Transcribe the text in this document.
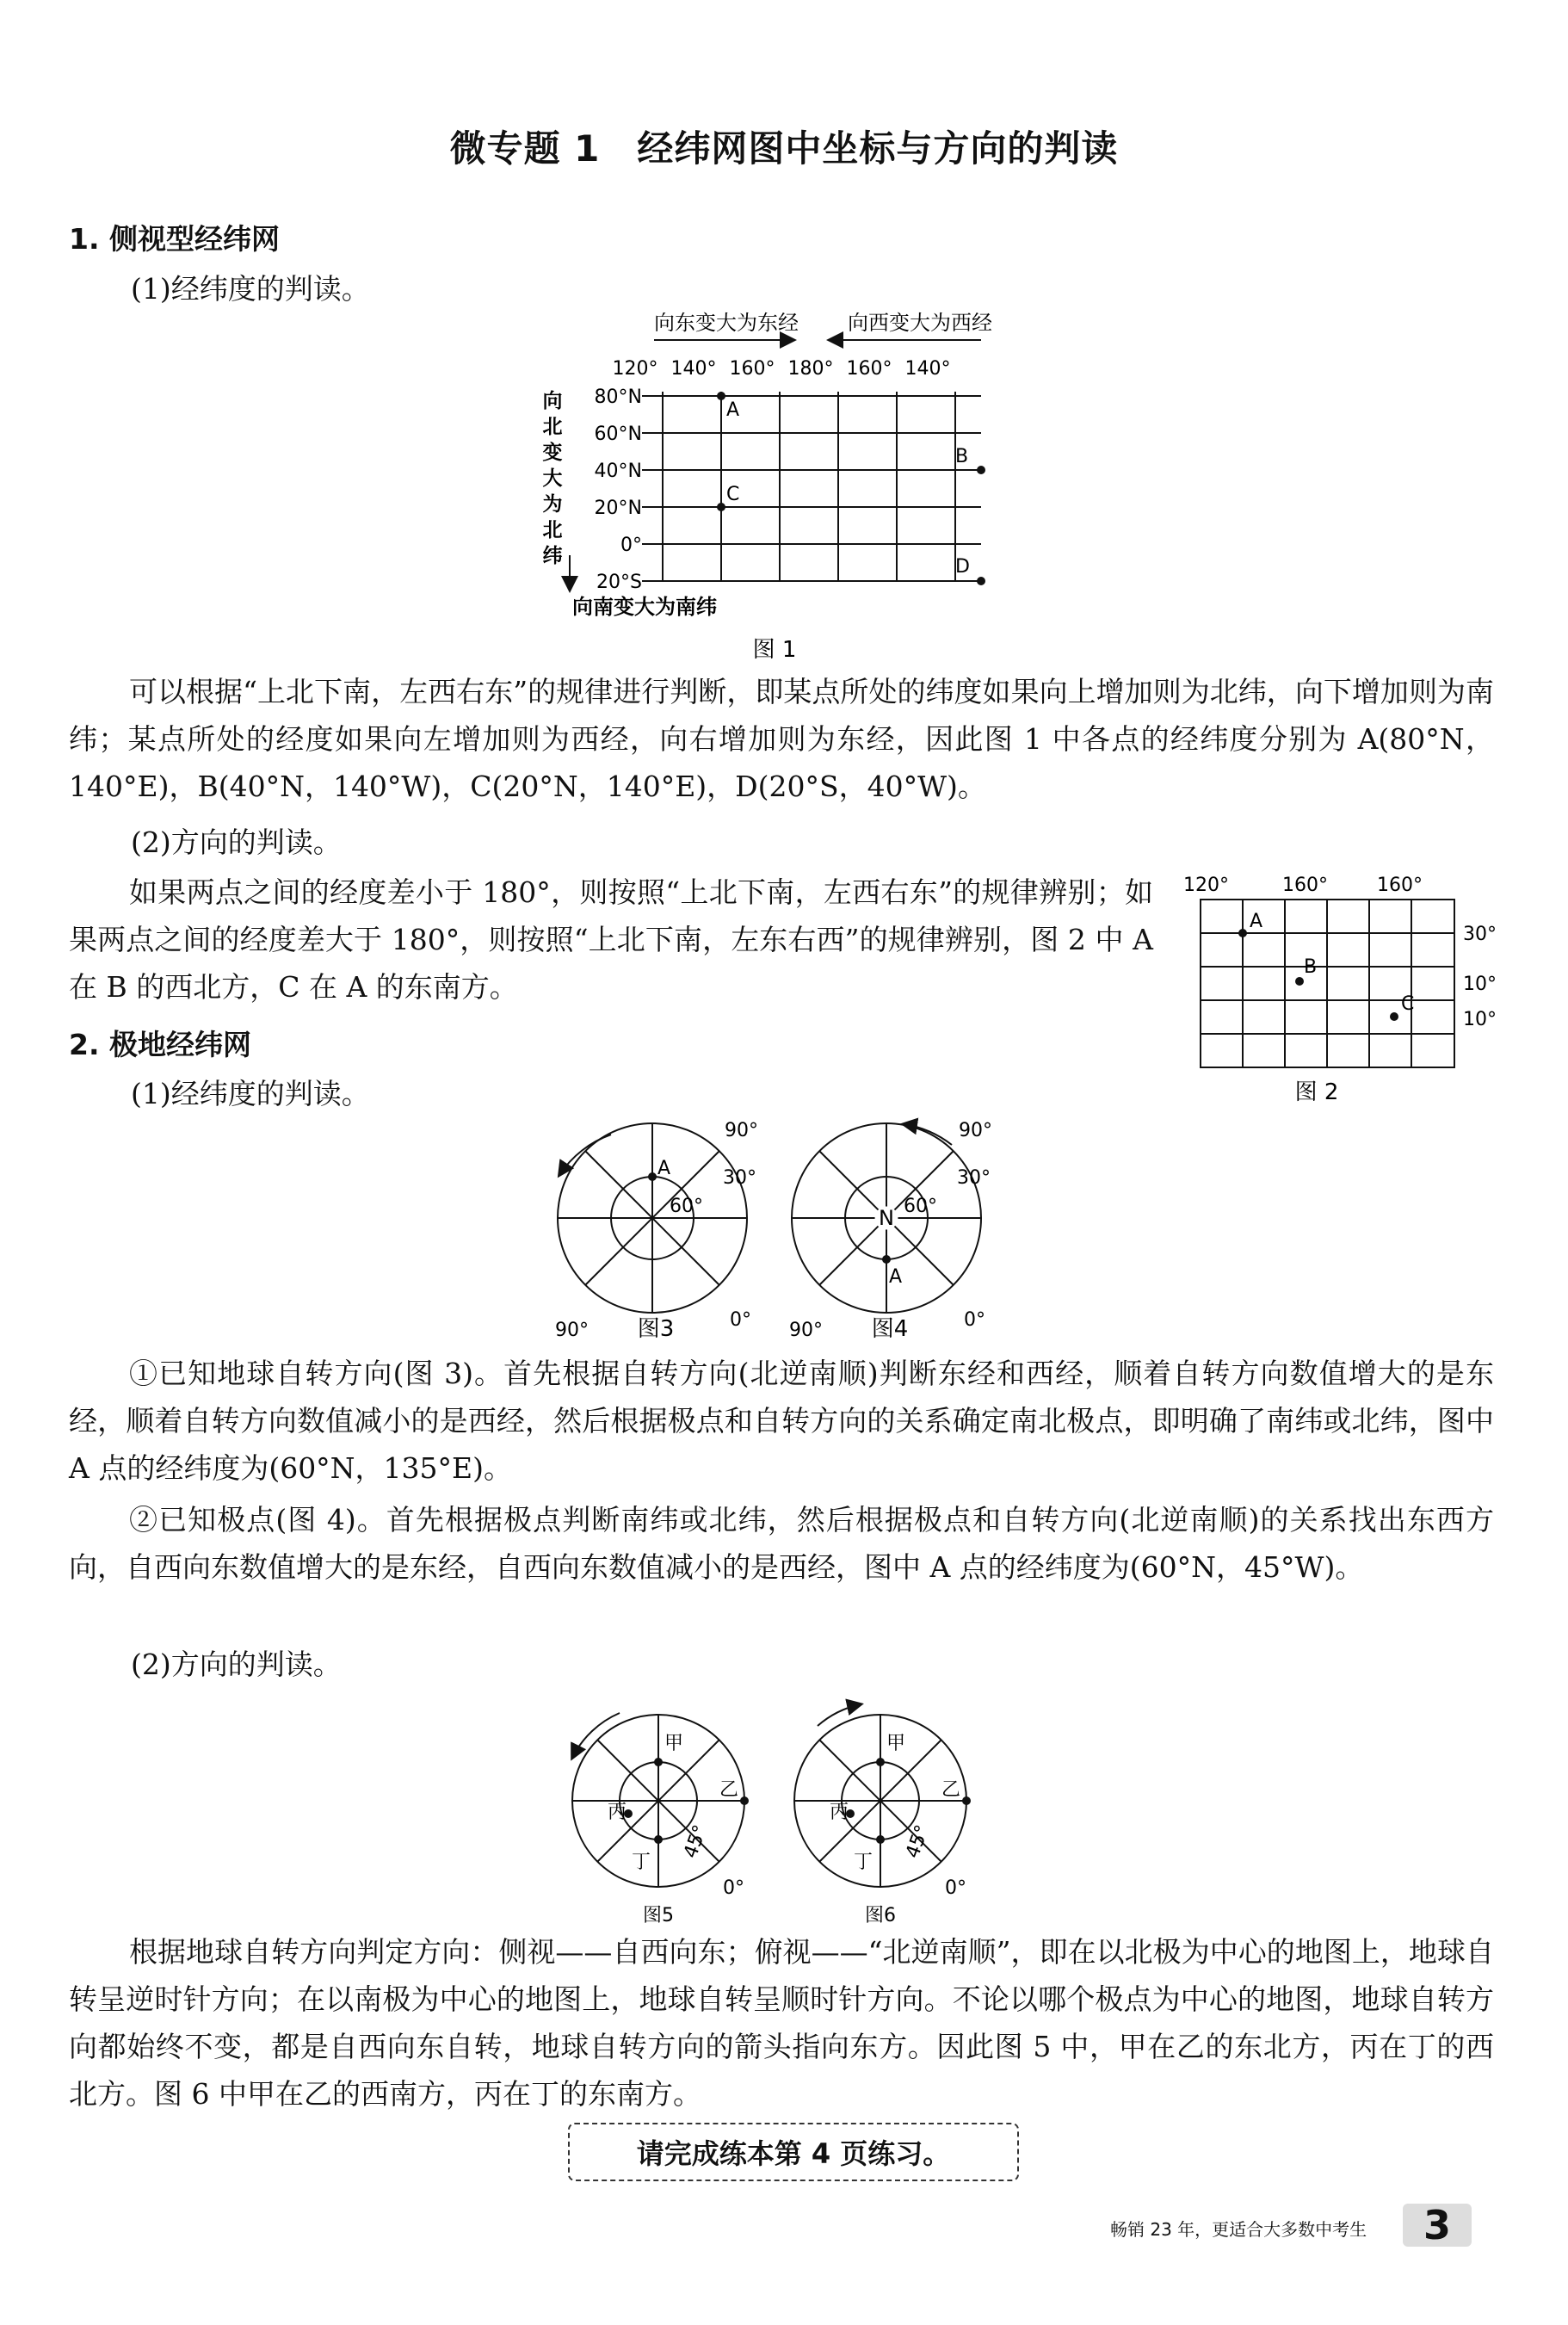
微专题 1　经纬网图中坐标与方向的判读
1. 侧视型经纬网
(1)经纬度的判读。
向东变大为东经 向西变大为西经
120° 140° 160° 180° 160° 140°
80°N
60°N
40°N
20°N
0°
20°S
向
北
变
大
为
北
纬
向南变大为南纬
A
B
C
D
图 1
可以根据“上北下南，左西右东”的规律进行判断，即某点所处的纬度如果向上增加则为北纬，向下增加则为南纬；某点所处的经度如果向左增加则为西经，向右增加则为东经，因此图 1 中各点的经纬度分别为 A(80°N，140°E)，B(40°N，140°W)，C(20°N，140°E)，D(20°S，40°W)。
(2)方向的判读。
如果两点之间的经度差小于 180°，则按照“上北下南，左西右东”的规律辨别；如果两点之间的经度差大于 180°，则按照“上北下南，左东右西”的规律辨别，图 2 中 A 在 B 的西北方，C 在 A 的东南方。
120°	160°	160°
30°
10°
10°
A
B
C
图 2
2. 极地经纬网
(1)经纬度的判读。
A
90°
30°
60°
90°	0°
N
A
90°
30°
60°
90°	0°
图3	图4
①已知地球自转方向(图 3)。首先根据自转方向(北逆南顺)判断东经和西经，顺着自转方向数值增大的是东经，顺着自转方向数值减小的是西经，然后根据极点和自转方向的关系确定南北极点，即明确了南纬或北纬，图中 A 点的经纬度为(60°N，135°E)。
②已知极点(图 4)。首先根据极点判断南纬或北纬，然后根据极点和自转方向(北逆南顺)的关系找出东西方向，自西向东数值增大的是东经，自西向东数值减小的是西经，图中 A 点的经纬度为(60°N，45°W)。
(2)方向的判读。
甲
乙
丙
丁
45°
0°
甲
乙
丙
丁
45°
0°
图5	图6
根据地球自转方向判定方向：侧视——自西向东；俯视——“北逆南顺”，即在以北极为中心的地图上，地球自转呈逆时针方向；在以南极为中心的地图上，地球自转呈顺时针方向。不论以哪个极点为中心的地图，地球自转方向都始终不变，都是自西向东自转，地球自转方向的箭头指向东方。因此图 5 中，甲在乙的东北方，丙在丁的西北方。图 6 中甲在乙的西南方，丙在丁的东南方。
请完成练本第 4 页练习。
畅销 23 年，更适合大多数中考生	3
